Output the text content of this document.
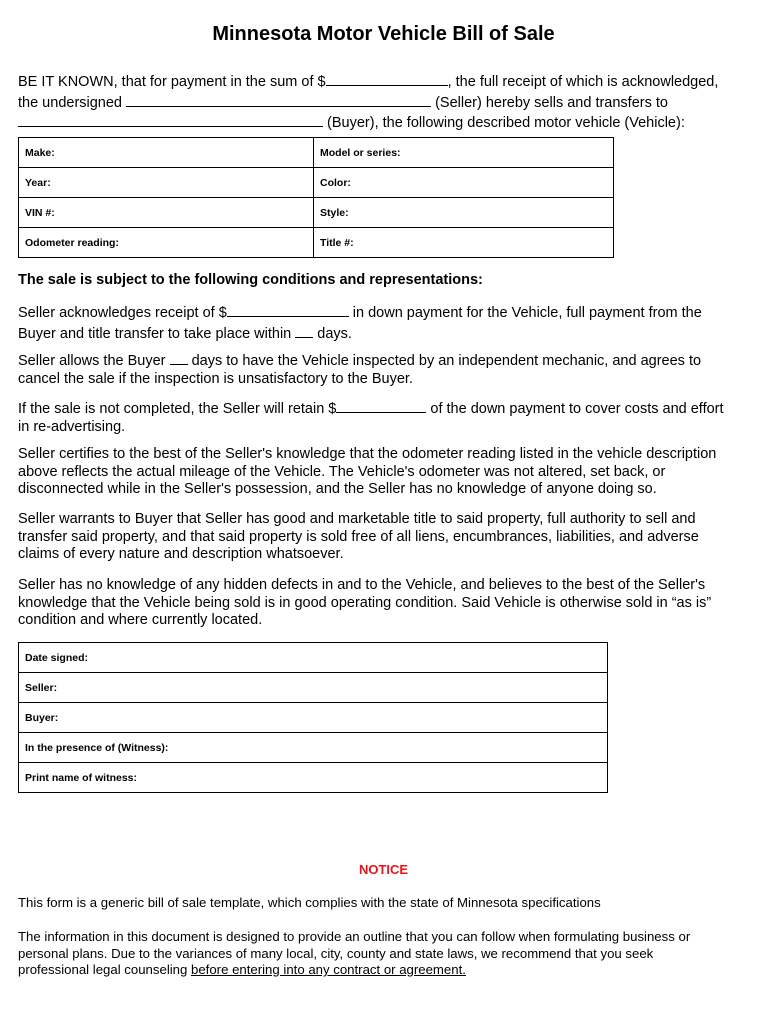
Minnesota Motor Vehicle Bill of Sale
BE IT KNOWN, that for payment in the sum of $	, the full receipt of which is acknowledged,
the undersigned	(Seller) hereby sells and transfers to
(Buyer), the following described motor vehicle (Vehicle):
Make:	Model or series:
Year:	Color:
VIN #:	Style:
Odometer reading:	Title #:
The sale is subject to the following conditions and representations:
Seller acknowledges receipt of $	in down payment for the Vehicle, full payment from the
Buyer and title transfer to take place within days.
Seller allows the Buyer days to have the Vehicle inspected by an independent mechanic, and agrees to
cancel the sale if the inspection is unsatisfactory to the Buyer.
If the sale is not completed, the Seller will retain $	of the down payment to cover costs and effort
in re-advertising.
Seller certifies to the best of the Seller's knowledge that the odometer reading listed in the vehicle description
above reflects the actual mileage of the Vehicle. The Vehicle's odometer was not altered, set back, or
disconnected while in the Seller's possession, and the Seller has no knowledge of anyone doing so.
Seller warrants to Buyer that Seller has good and marketable title to said property, full authority to sell and
transfer said property, and that said property is sold free of all liens, encumbrances, liabilities, and adverse
claims of every nature and description whatsoever.
Seller has no knowledge of any hidden defects in and to the Vehicle, and believes to the best of the Seller's
knowledge that the Vehicle being sold is in good operating condition. Said Vehicle is otherwise sold in “as is”
condition and where currently located.
Date signed:
Seller:
Buyer:
In the presence of (Witness):
Print name of witness:
NOTICE
This form is a generic bill of sale template, which complies with the state of Minnesota specifications
The information in this document is designed to provide an outline that you can follow when formulating business or
personal plans. Due to the variances of many local, city, county and state laws, we recommend that you seek
professional legal counseling before entering into any contract or agreement.
